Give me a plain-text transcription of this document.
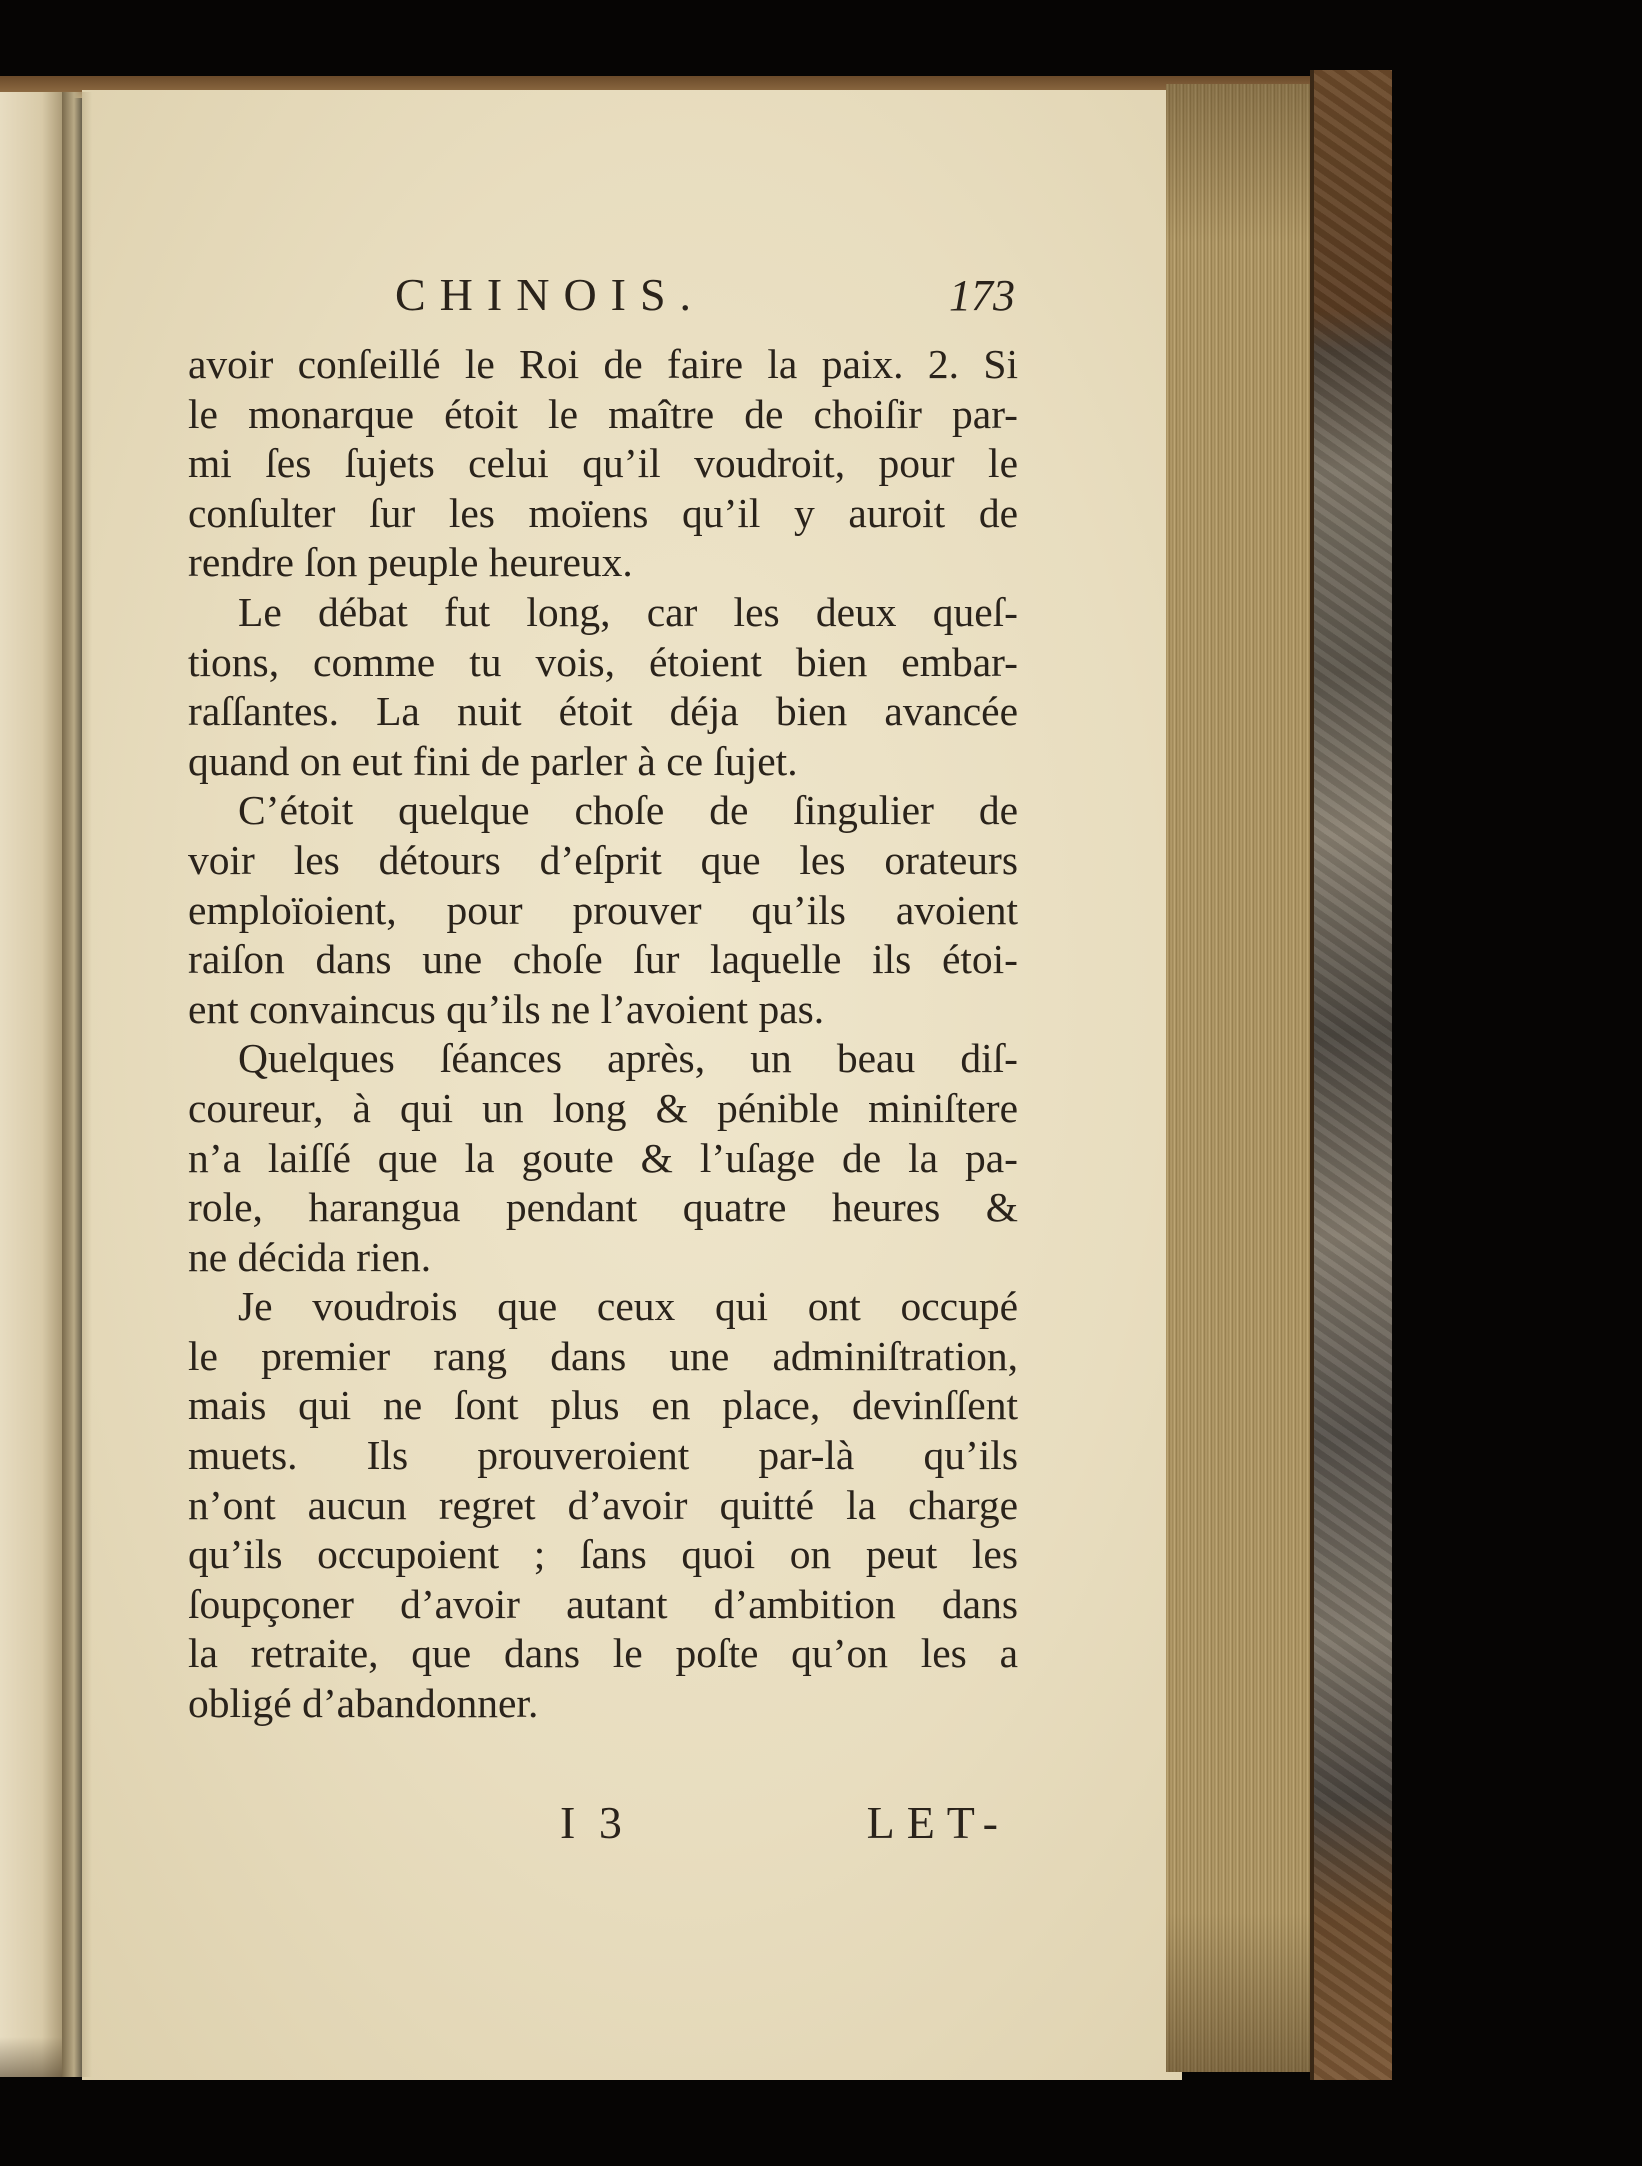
CHINOIS.	173
avoir conſeillé le Roi de faire la paix. 2. Si
le monarque étoit le maître de choiſir par-
mi ſes ſujets celui qu’il voudroit, pour le
conſulter ſur les moïens qu’il y auroit de
rendre ſon peuple heureux.
Le débat fut long, car les deux queſ-
tions, comme tu vois, étoient bien embar-
raſſantes. La nuit étoit déja bien avancée
quand on eut fini de parler à ce ſujet.
C’étoit quelque choſe de ſingulier de
voir les détours d’eſprit que les orateurs
emploïoient, pour prouver qu’ils avoient
raiſon dans une choſe ſur laquelle ils étoi-
ent convaincus qu’ils ne l’avoient pas.
Quelques ſéances après, un beau diſ-
coureur, à qui un long & pénible miniſtere
n’a laiſſé que la goute & l’uſage de la pa-
role, harangua pendant quatre heures &
ne décida rien.
Je voudrois que ceux qui ont occupé
le premier rang dans une adminiſtration,
mais qui ne ſont plus en place, devinſſent
muets. Ils prouveroient par-là qu’ils
n’ont aucun regret d’avoir quitté la charge
qu’ils occupoient ; ſans quoi on peut les
ſoupçoner d’avoir autant d’ambition dans
la retraite, que dans le poſte qu’on les a
obligé d’abandonner.
I 3	LET-
